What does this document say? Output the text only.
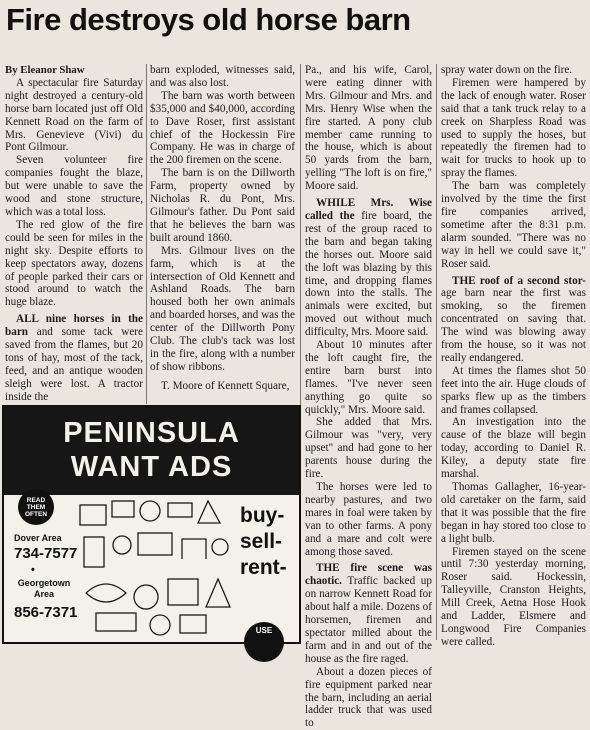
Fire destroys old horse barn

By Eleanor Shaw

A spectacular fire Saturday night destroyed a century-old horse barn located just off Old Kennett Road on the farm of Mrs. Genevieve (Vivi) du Pont Gilmour.

Seven volunteer fire companies fought the blaze, but were unable to save the wood and stone structure, which was a total loss.

The red glow of the fire could be seen for miles in the night sky. Despite efforts to keep spectators away, dozens of people parked their cars or stood around to watch the huge blaze.

ALL nine horses in the barn and some tack were saved from the flames, but 20 tons of hay, most of the tack, feed, and an antique wooden sleigh were lost. A tractor inside the

barn exploded, witnesses said, and was also lost.

The barn was worth between $35,000 and $40,000, according to Dave Roser, first assistant chief of the Hockessin Fire Company. He was in charge of the 200 firemen on the scene.

The barn is on the Dillworth Farm, property owned by Nicholas R. du Pont, Mrs. Gilmour's father. Du Pont said that he believes the barn was built around 1860.

Mrs. Gilmour lives on the farm, which is at the intersection of Old Kennett and Ashland Roads. The barn housed both her own animals and boarded horses, and was the center of the Dillworth Pony Club. The club's tack was lost in the fire, along with a number of show ribbons.

T. Moore of Kennett Square,

Pa., and his wife, Carol, were eating dinner with Mrs. Gilmour and Mrs. and Mrs. Henry Wise when the fire started. A pony club member came running to the house, which is about 50 yards from the barn, yelling "The loft is on fire," Moore said.

WHILE Mrs. Wise called the fire board, the rest of the group raced to the barn and began taking the horses out. Moore said the loft was blazing by this time, and dropping flames down into the stalls. The animals were excited, but moved out without much difficulty, Mrs. Moore said.

About 10 minutes after the loft caught fire, the entire barn burst into flames. "I've never seen anything go quite so quickly," Mrs. Moore said.

She added that Mrs. Gilmour was "very, very upset" and had gone to her parents house during the fire.

The horses were led to nearby pastures, and two mares in foal were taken by van to other farms. A pony and a mare and colt were among those saved.

THE fire scene was chaotic. Traffic backed up on narrow Kennett Road for about half a mile. Dozens of horsemen, firemen and spectator milled about the farm and in and out of the house as the fire raged.

About a dozen pieces of fire equipment parked near the barn, including an aerial ladder truck that was used to

spray water down on the fire.

Firemen were hampered by the lack of enough water. Roser said that a tank truck relay to a creek on Sharpless Road was used to supply the hoses, but repeatedly the firemen had to wait for trucks to hook up to spray the flames.

The barn was completely involved by the time the first fire companies arrived, sometime after the 8:31 p.m. alarm sounded. "There was no way in hell we could save it," Roser said.

THE roof of a second stor-age barn near the first was smoking, so the firemen concentrated on saving that. The wind was blowing away from the house, so it was not really endangered.

At times the flames shot 50 feet into the air. Huge clouds of sparks flew up as the timbers and frames collapsed.

An investigation into the cause of the blaze will begin today, according to Daniel R. Kiley, a deputy state fire marshal.

Thomas Gallagher, 16-year-old caretaker on the farm, said that it was possible that the fire began in hay stored too close to a light bulb.

Firemen stayed on the scene until 7:30 yesterday morning, Roser said. Hockessin, Talleyville, Cranston Heights, Mill Creek, Aetna Hose Hook and Ladder, Elsmere and Longwood Fire Companies were called.

PENINSULA
WANT ADS
READ
THEM
OFTEN
Dover Area
734-7577
•
Georgetown Area
856-7371
buy-
sell-
rent-
USE
